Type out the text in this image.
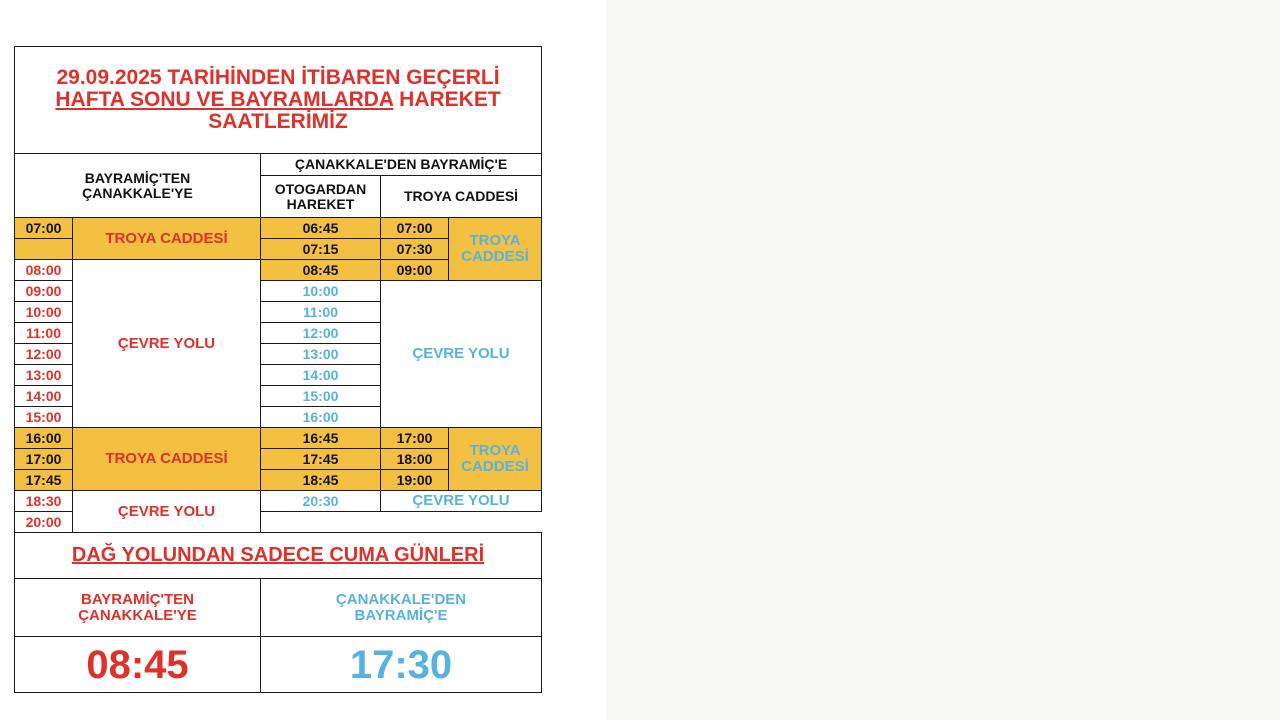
29.09.2025 TARİHİNDEN İTİBAREN GEÇERLİ
HAFTA SONU VE BAYRAMLARDA HAREKET
SAATLERİMİZ				
BAYRAMİÇ'TEN ÇANAKKALE'YE		ÇANAKKALE'DEN BAYRAMİÇ'E		
		OTOGARDAN HAREKET	TROYA CADDESİ	
07:00	TROYA CADDESİ	06:45	07:00	TROYA CADDESİ
		07:15	07:30	
08:00	ÇEVRE YOLU	08:45	09:00	
09:00		10:00	ÇEVRE YOLU	
10:00		11:00		
11:00		12:00		
12:00		13:00		
13:00		14:00		
14:00		15:00		
15:00		16:00		
16:00	TROYA CADDESİ	16:45	17:00	TROYA CADDESİ
17:00		17:45	18:00	
17:45		18:45	19:00	
18:30	ÇEVRE YOLU	20:30	ÇEVRE YOLU	
20:00				
DAĞ YOLUNDAN SADECE CUMA GÜNLERİ				
BAYRAMİÇ'TEN ÇANAKKALE'YE		ÇANAKKALE'DEN BAYRAMİÇ'E		
08:45		17:30		
